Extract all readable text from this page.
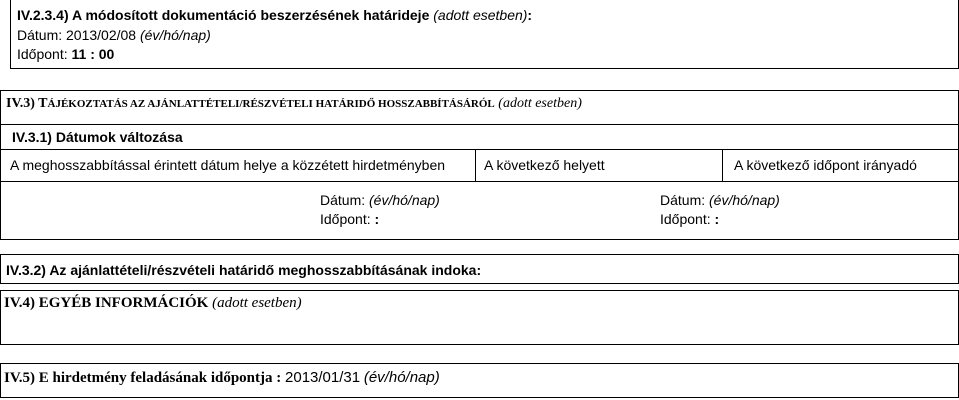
IV.2.3.4) A módosított dokumentáció beszerzésének határideje (adott esetben):
Dátum: 2013/02/08 (év/hó/nap)
Időpont: 11 : 00
IV.3) TÁJÉKOZTATÁS AZ AJÁNLATTÉTELI/RÉSZVÉTELI HATÁRIDŐ HOSSZABBÍTÁSÁRÓL (adott esetben)
IV.3.1) Dátumok változása
A meghosszabbítással érintett dátum helye a közzétett hirdetményben	A következő helyett	A következő időpont irányadó
Dátum: (év/hó/nap)
Időpont: :
Dátum: (év/hó/nap)
Időpont: :
IV.3.2) Az ajánlattételi/részvételi határidő meghosszabbításának indoka:
IV.4) EGYÉB INFORMÁCIÓK (adott esetben)
IV.5) E hirdetmény feladásának időpontja : 2013/01/31 (év/hó/nap)
